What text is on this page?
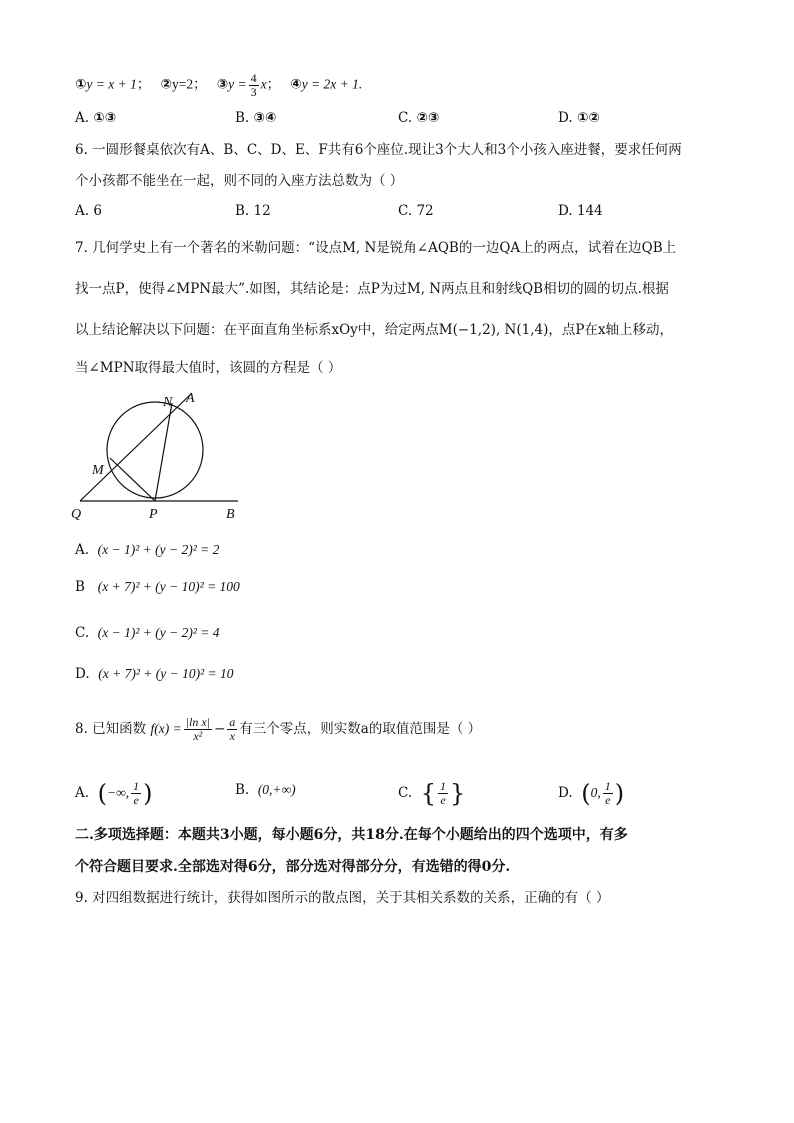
①y = x + 1； ②y=2； ③y = $\frac{4}{3}$ x； ④y = 2x + 1.
A. ①③	B. ③④	C. ②③	D. ①②
6. 一圆形餐桌依次有A、B、C、D、E、F共有6个座位.现让3个大人和3个小孩入座进餐，要求任何两
个小孩都不能坐在一起，则不同的入座方法总数为（ ）
A. 6	B. 12	C. 72	D. 144
7. 几何学史上有一个著名的米勒问题：“设点M, N是锐角∠AQB的一边QA上的两点，试着在边QB上
找一点P，使得∠MPN最大”.如图，其结论是：点P为过M, N两点且和射线QB相切的圆的切点.根据
以上结论解决以下问题：在平面直角坐标系xOy中，给定两点M(−1,2), N(1,4)，点P在x轴上移动，
当∠MPN取得最大值时，该圆的方程是（ ）
N A
M
Q	P	B
A. (x − 1)² + (y − 2)² = 2
B (x + 7)² + (y − 10)² = 100
C. (x − 1)² + (y − 2)² = 4
D. (x + 7)² + (y − 10)² = 10
8. 已知函数 $f(x) = \frac{\text{|ln x|}}{\text{x²}} - \frac{a}{x}$ 有三个零点，则实数a的取值范围是（ ）
A. (−∞, $\frac{1}{e}$ )	B. (0,+∞)	C. { $\frac{1}{e}$ }	D. (0, $\frac{1}{e}$ )
二.多项选择题：本题共3小题，每小题6分，共18分.在每个小题给出的四个选项中，有多
个符合题目要求.全部选对得6分，部分选对得部分分，有选错的得0分.
9. 对四组数据进行统计，获得如图所示的散点图，关于其相关系数的关系，正确的有（ ）
